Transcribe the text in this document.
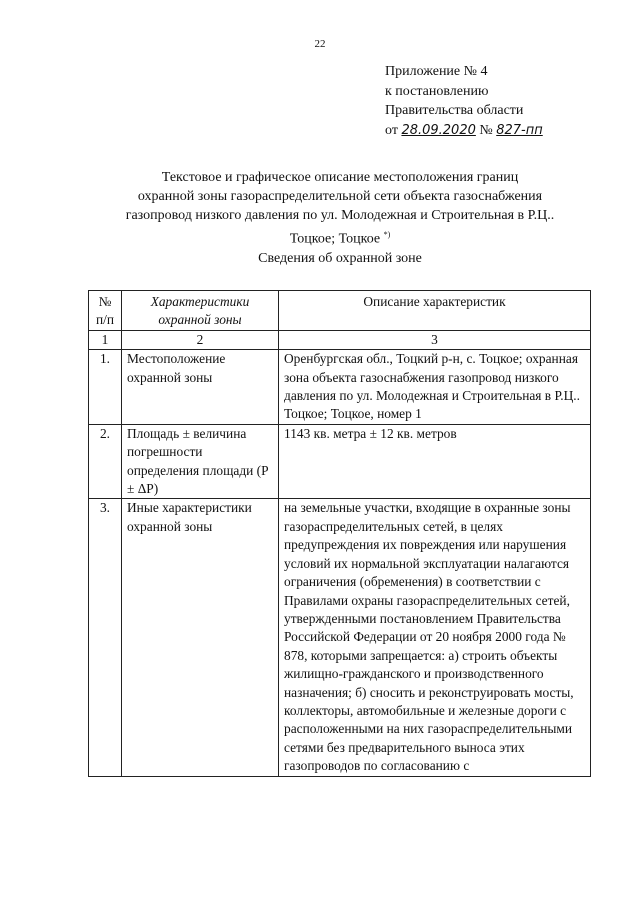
22
Приложение № 4
к постановлению
Правительства области
от 28.09.2020 № 827-пп
Текстовое и графическое описание местоположения границ
охранной зоны газораспределительной сети объекта газоснабжения
газопровод низкого давления по ул. Молодежная и Строительная в Р.Ц..
Тоцкое; Тоцкое *)
Сведения об охранной зоне
№ п/п	Характеристики охранной зоны	Описание характеристик
1	2	3
1.	Местоположение охранной зоны	Оренбургская обл., Тоцкий р-н, с. Тоцкое; охранная зона объекта газоснабжения газопровод низкого давления по ул. Молодежная и Строительная в Р.Ц.. Тоцкое; Тоцкое, номер 1
2.	Площадь ± величина погрешности определения площади (P ± ΔP)	1143 кв. метра ± 12 кв. метров
3.	Иные характеристики охранной зоны	на земельные участки, входящие в охранные зоны газораспределительных сетей, в целях предупреждения их повреждения или нарушения условий их нормальной эксплуатации налагаются ограничения (обременения) в соответствии с Правилами охраны газораспределительных сетей, утвержденными постановлением Правительства Российской Федерации от 20 ноября 2000 года № 878, которыми запрещается: а) строить объекты жилищно-гражданского и производственного назначения; б) сносить и реконструировать мосты, коллекторы, автомобильные и железные дороги с расположенными на них газораспределительными сетями без предварительного выноса этих газопроводов по согласованию с
